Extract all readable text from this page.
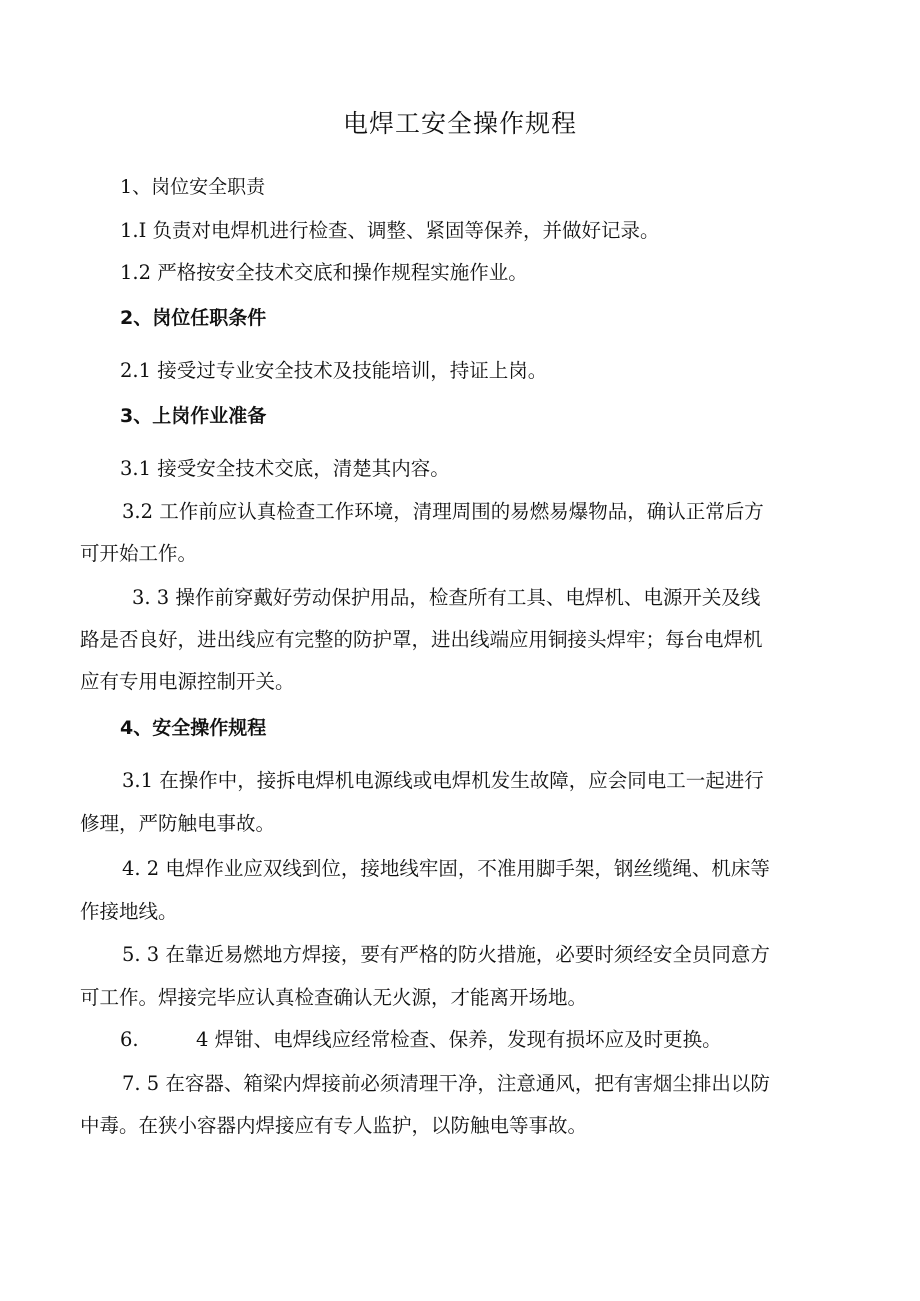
电焊工安全操作规程
1、岗位安全职责
1.I 负责对电焊机进行检查、调整、紧固等保养，并做好记录。
1.2 严格按安全技术交底和操作规程实施作业。
2、岗位任职条件
2.1 接受过专业安全技术及技能培训，持证上岗。
3、上岗作业准备
3.1 接受安全技术交底，清楚其内容。
3.2 工作前应认真检查工作环境，清理周围的易燃易爆物品，确认正常后方
可开始工作。
3. 3 操作前穿戴好劳动保护用品，检查所有工具、电焊机、电源开关及线
路是否良好，进出线应有完整的防护罩，进出线端应用铜接头焊牢；每台电焊机
应有专用电源控制开关。
4、安全操作规程
3.1 在操作中，接拆电焊机电源线或电焊机发生故障，应会同电工一起进行
修理，严防触电事故。
4. 2 电焊作业应双线到位，接地线牢固，不准用脚手架，钢丝缆绳、机床等
作接地线。
5. 3 在靠近易燃地方焊接，要有严格的防火措施，必要时须经安全员同意方
可工作。焊接完毕应认真检查确认无火源，才能离开场地。
6.	4 焊钳、电焊线应经常检查、保养，发现有损坏应及时更换。
7. 5 在容器、箱梁内焊接前必须清理干净，注意通风，把有害烟尘排出以防
中毒。在狭小容器内焊接应有专人监护，以防触电等事故。
